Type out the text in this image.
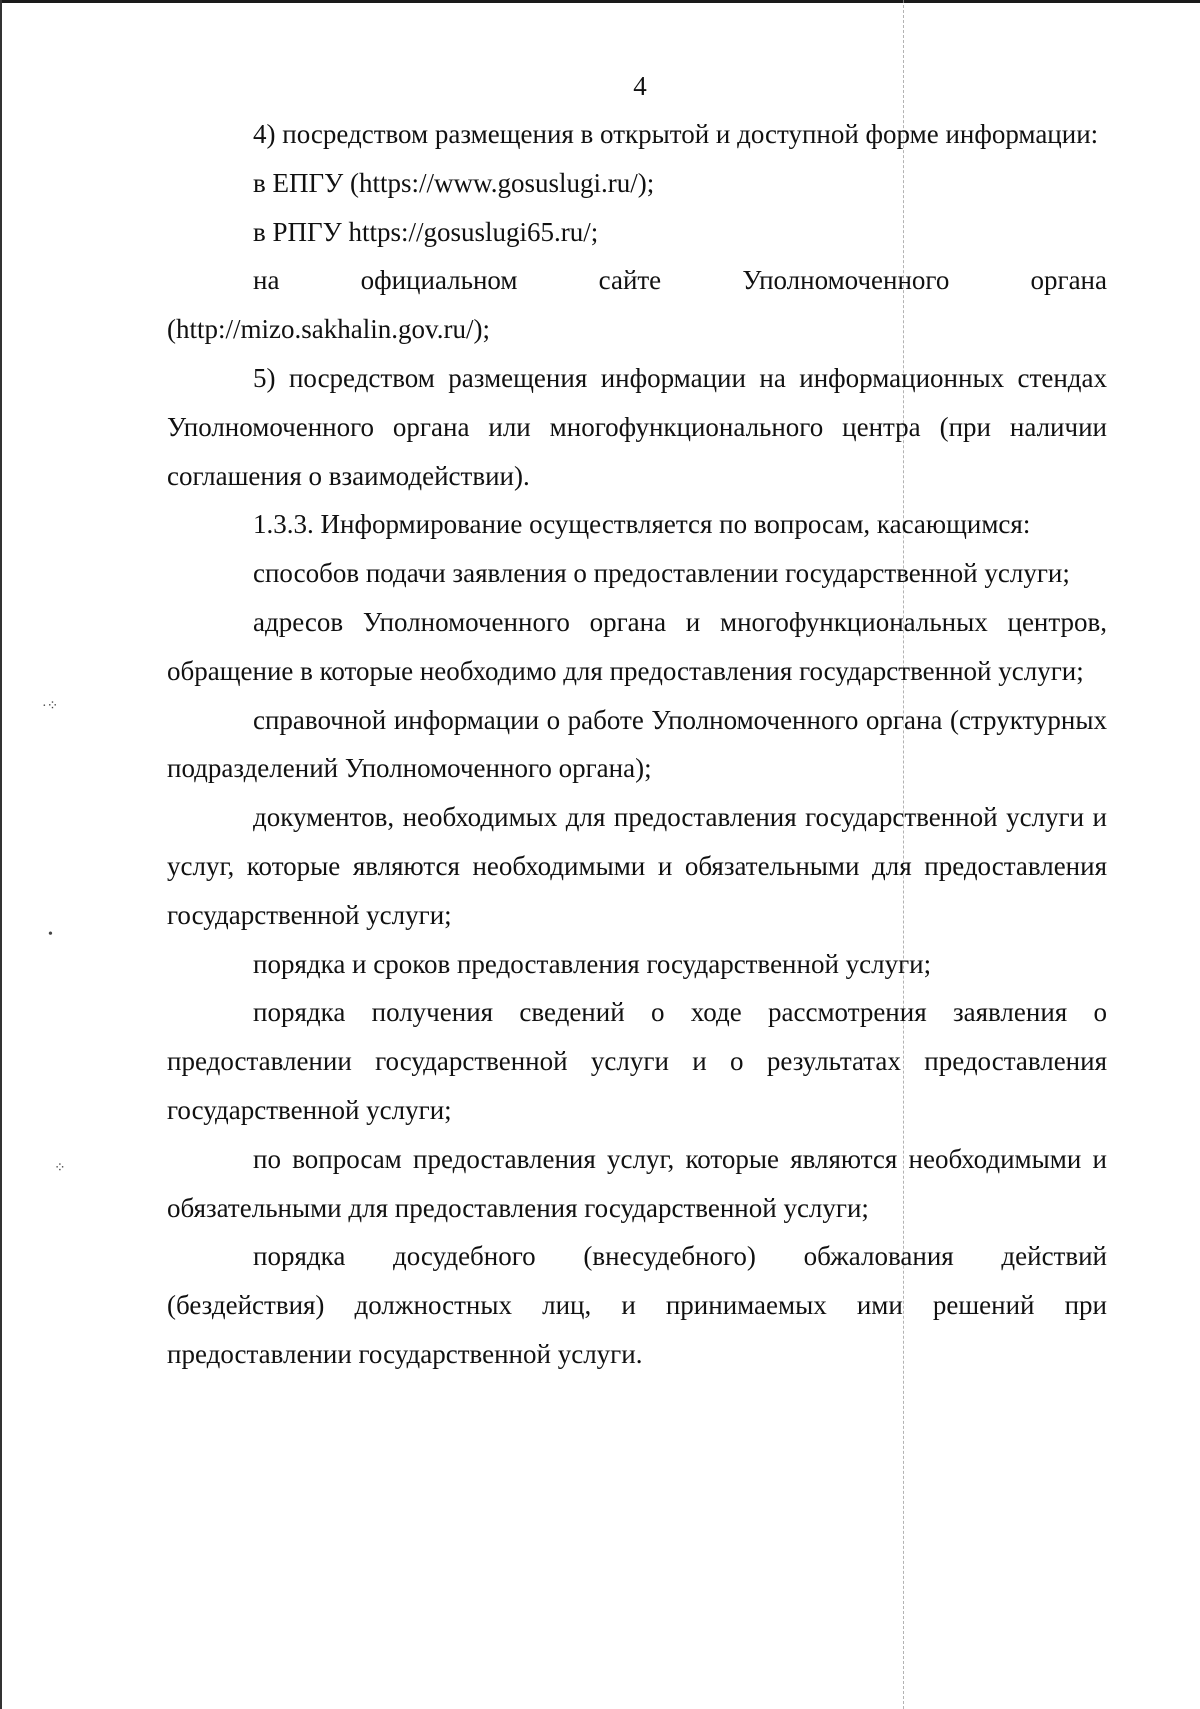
·⁘
•
⁘
4

4) посредством размещения в открытой и доступной форме информации:

в ЕПГУ (https://www.gosuslugi.ru/);

в РПГУ https://gosuslugi65.ru/;

на официальном сайте Уполномоченного органа (http://mizo.sakhalin.gov.ru/);

5) посредством размещения информации на информационных стендах Уполномоченного органа или многофункционального центра (при наличии соглашения о взаимодействии).

1.3.3. Информирование осуществляется по вопросам, касающимся:

способов подачи заявления о предоставлении государственной услуги;

адресов Уполномоченного органа и многофункциональных центров, обращение в которые необходимо для предоставления государственной услуги;

справочной информации о работе Уполномоченного органа (структурных подразделений Уполномоченного органа);

документов, необходимых для предоставления государственной услуги и услуг, которые являются необходимыми и обязательными для предоставления государственной услуги;

порядка и сроков предоставления государственной услуги;

порядка получения сведений о ходе рассмотрения заявления о предоставлении государственной услуги и о результатах предоставления государственной услуги;

по вопросам предоставления услуг, которые являются необходимыми и обязательными для предоставления государственной услуги;

порядка досудебного (внесудебного) обжалования действий (бездействия) должностных лиц, и принимаемых ими решений при предоставлении государственной услуги.
